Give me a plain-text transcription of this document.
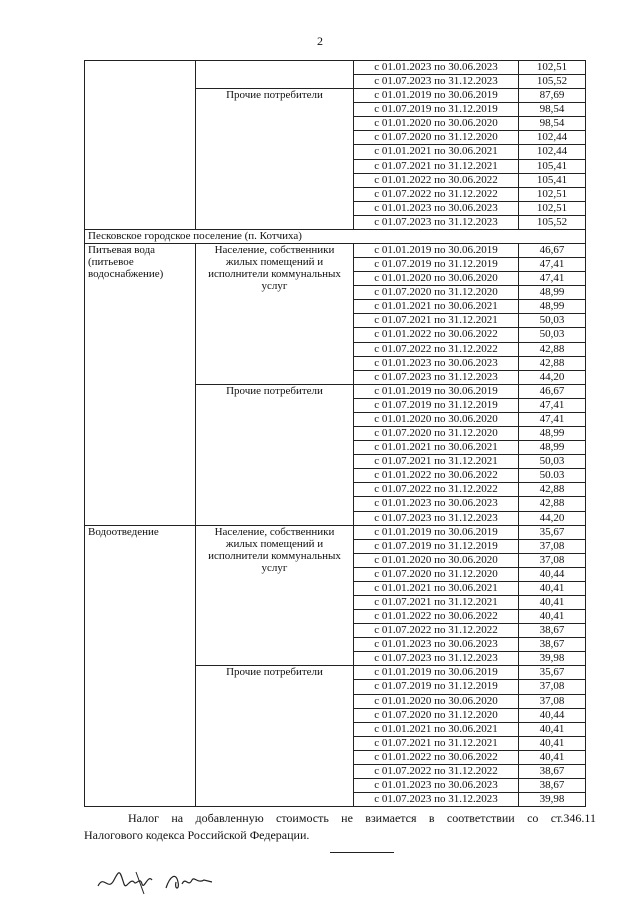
2
		с 01.01.2023 по 30.06.2023	102,51
		с 01.07.2023 по 31.12.2023	105,52
	Прочие потребители	с 01.01.2019 по 30.06.2019	87,69
		с 01.07.2019 по 31.12.2019	98,54
		с 01.01.2020 по 30.06.2020	98,54
		с 01.07.2020 по 31.12.2020	102,44
		с 01.01.2021 по 30.06.2021	102,44
		с 01.07.2021 по 31.12.2021	105,41
		с 01.01.2022 по 30.06.2022	105,41
		с 01.07.2022 по 31.12.2022	102,51
		с 01.01.2023 по 30.06.2023	102,51
		с 01.07.2023 по 31.12.2023	105,52
Песковское городское поселение (п. Котчиха)			
Питьевая вода (питьевое водоснабжение)	Население, собственники жилых помещений и исполнители коммунальных услуг	с 01.01.2019 по 30.06.2019	46,67
		с 01.07.2019 по 31.12.2019	47,41
		с 01.01.2020 по 30.06.2020	47,41
		с 01.07.2020 по 31.12.2020	48,99
		с 01.01.2021 по 30.06.2021	48,99
		с 01.07.2021 по 31.12.2021	50,03
		с 01.01.2022 по 30.06.2022	50,03
		с 01.07.2022 по 31.12.2022	42,88
		с 01.01.2023 по 30.06.2023	42,88
		с 01.07.2023 по 31.12.2023	44,20
	Прочие потребители	с 01.01.2019 по 30.06.2019	46,67
		с 01.07.2019 по 31.12.2019	47,41
		с 01.01.2020 по 30.06.2020	47,41
		с 01.07.2020 по 31.12.2020	48,99
		с 01.01.2021 по 30.06.2021	48,99
		с 01.07.2021 по 31.12.2021	50,03
		с 01.01.2022 по 30.06.2022	50.03
		с 01.07.2022 по 31.12.2022	42,88
		с 01.01.2023 по 30.06.2023	42,88
		с 01.07.2023 по 31.12.2023	44,20
Водоотведение	Население, собственники жилых помещений и исполнители коммунальных услуг	с 01.01.2019 по 30.06.2019	35,67
		с 01.07.2019 по 31.12.2019	37,08
		с 01.01.2020 по 30.06.2020	37,08
		с 01.07.2020 по 31.12.2020	40,44
		с 01.01.2021 по 30.06.2021	40,41
		с 01.07.2021 по 31.12.2021	40,41
		с 01.01.2022 по 30.06.2022	40,41
		с 01.07.2022 по 31.12.2022	38,67
		с 01.01.2023 по 30.06.2023	38,67
		с 01.07.2023 по 31.12.2023	39,98
	Прочие потребители	с 01.01.2019 по 30.06.2019	35,67
		с 01.07.2019 по 31.12.2019	37,08
		с 01.01.2020 по 30.06.2020	37,08
		с 01.07.2020 по 31.12.2020	40,44
		с 01.01.2021 по 30.06.2021	40,41
		с 01.07.2021 по 31.12.2021	40,41
		с 01.01.2022 по 30.06.2022	40,41
		с 01.07.2022 по 31.12.2022	38,67
		с 01.01.2023 по 30.06.2023	38,67
		с 01.07.2023 по 31.12.2023	39,98
Налог на добавленную стоимость не взимается в соответствии со ст.346.11
Налогового кодекса Российской Федерации.
